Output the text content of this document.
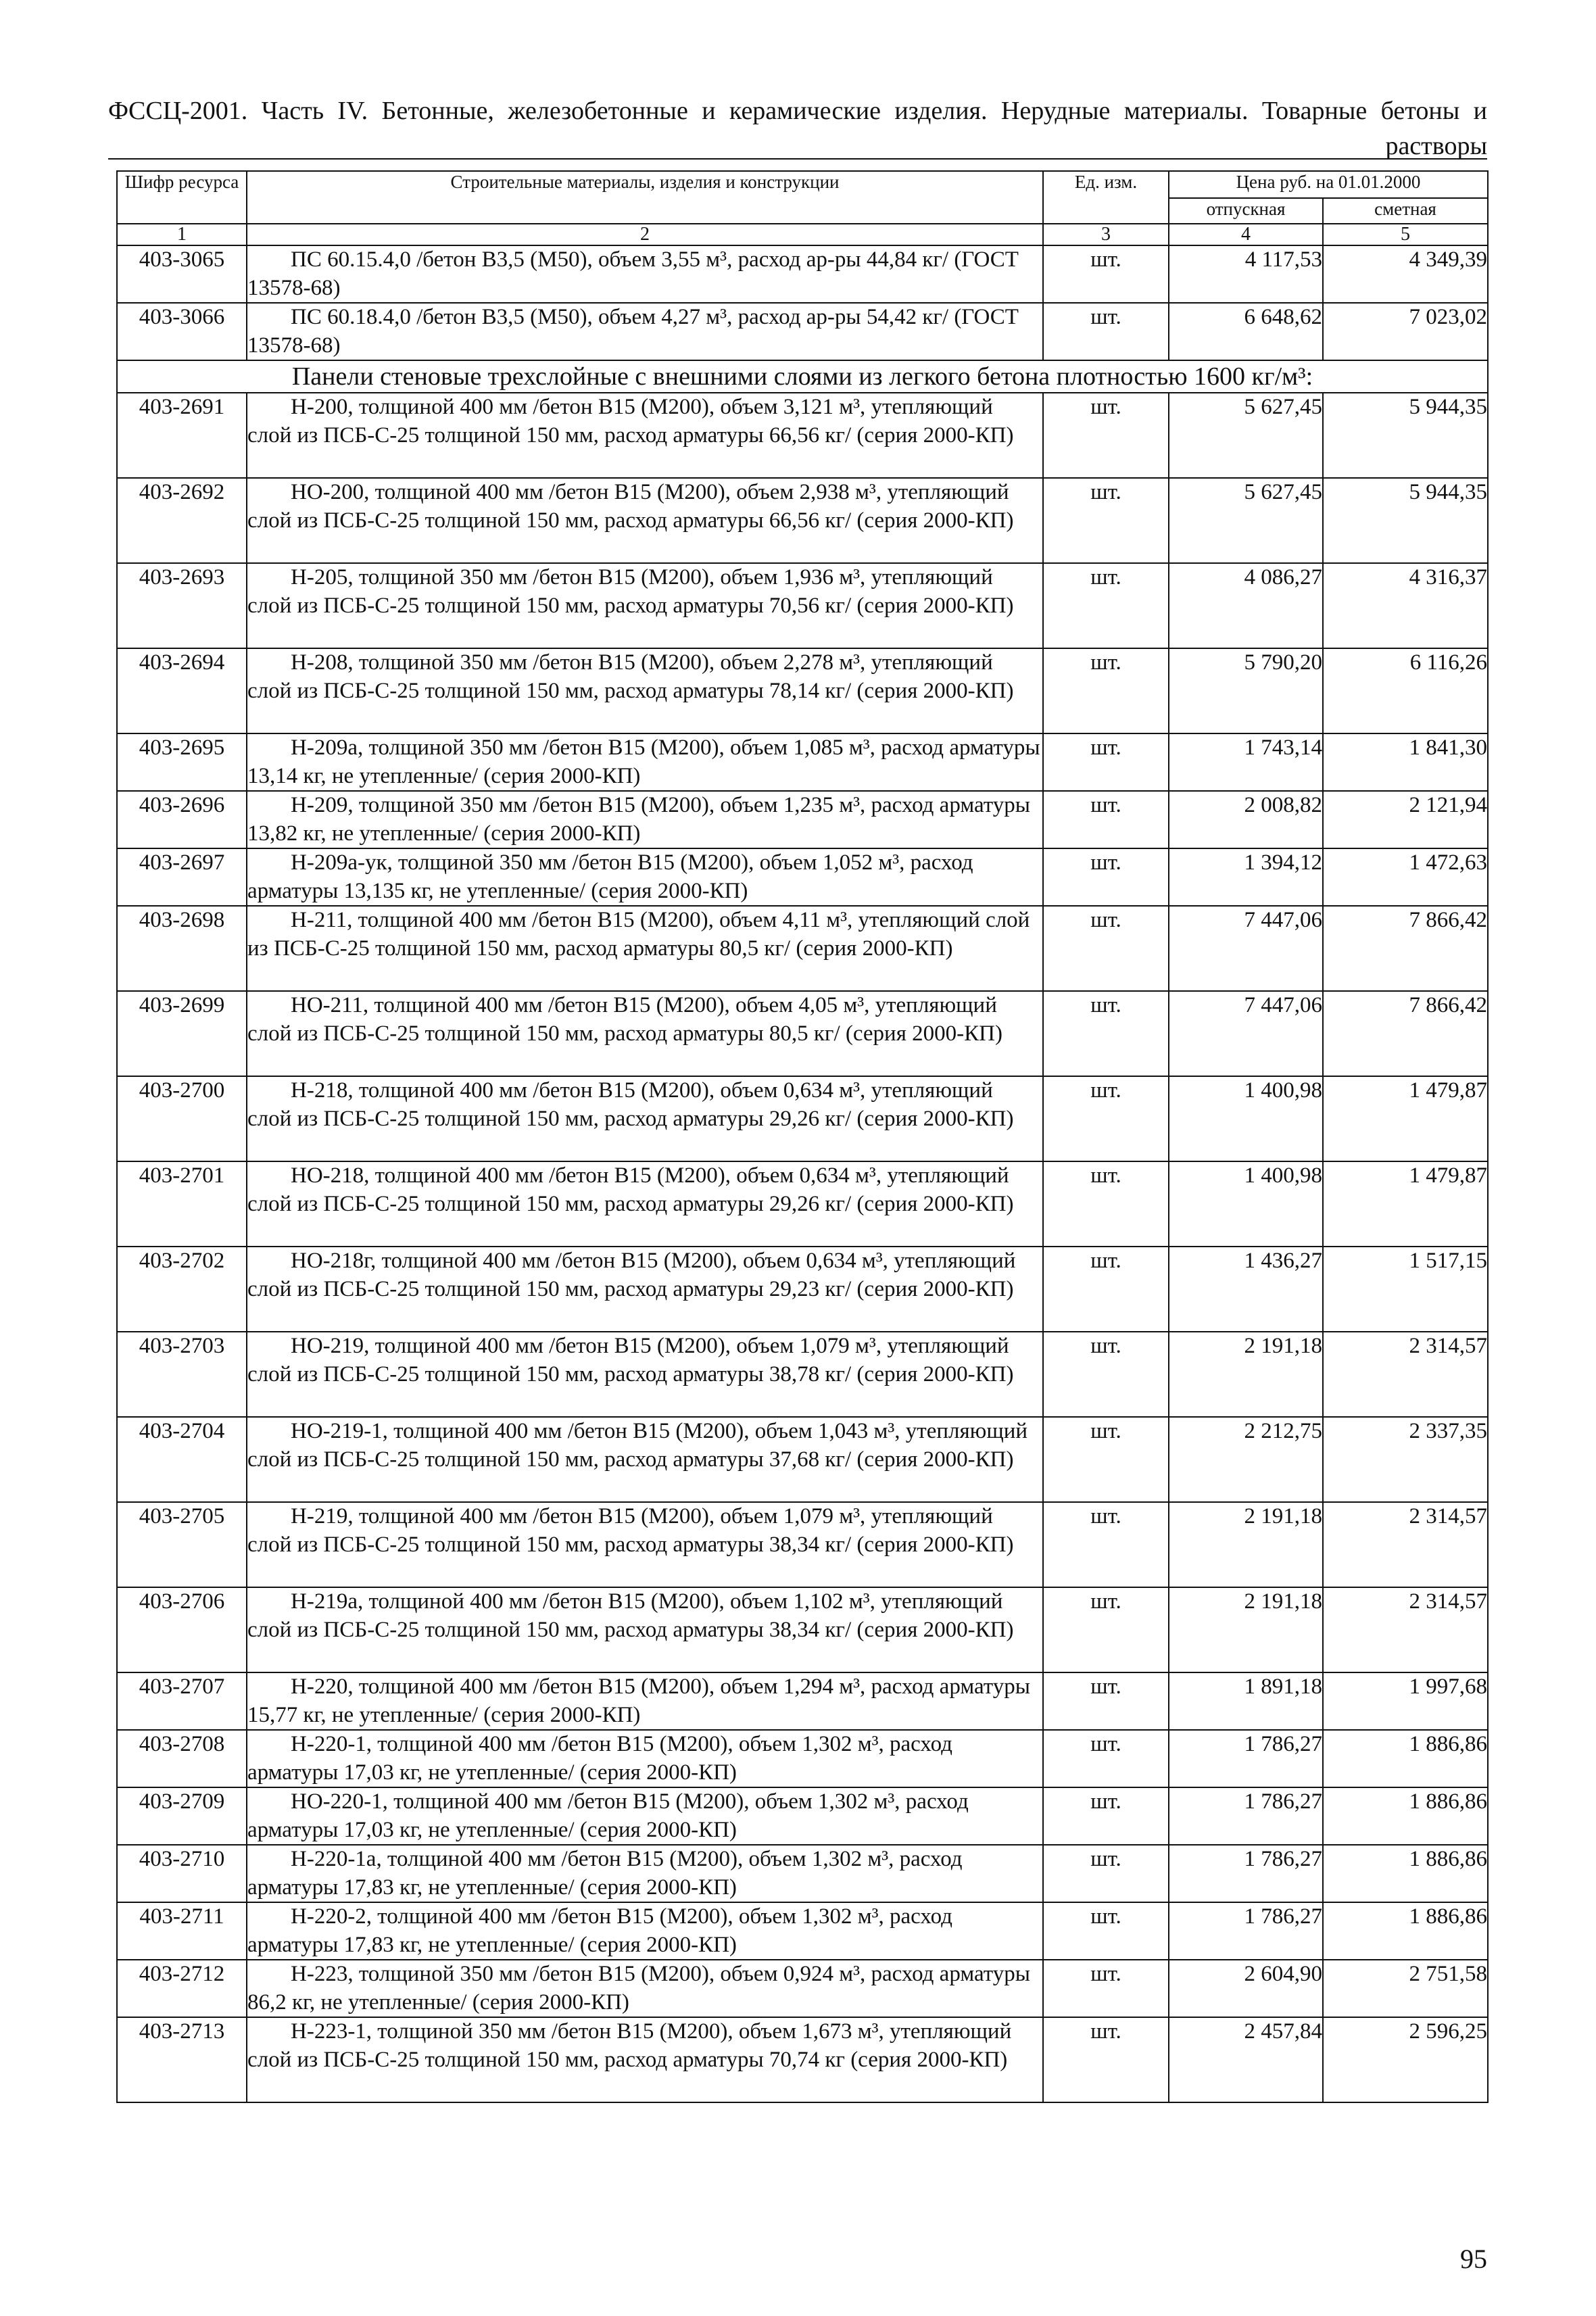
ФССЦ-2001. Часть IV. Бетонные, железобетонные и керамические изделия. Нерудные материалы. Товарные бетоны и растворы
Шифр ресурса	Строительные материалы, изделия и конструкции	Ед. изм.	Цена руб. на 01.01.2000	
			отпускная	сметная
1	2	3	4	5
403-3065	ПС 60.15.4,0 /бетон В3,5 (М50), объем 3,55 м³, расход ар-ры 44,84 кг/ (ГОСТ 13578-68)	шт.	4 117,53	4 349,39
403-3066	ПС 60.18.4,0 /бетон В3,5 (М50), объем 4,27 м³, расход ар-ры 54,42 кг/ (ГОСТ 13578-68)	шт.	6 648,62	7 023,02
Панели стеновые трехслойные с внешними слоями из легкого бетона плотностью 1600 кг/м³:				
403-2691	Н-200, толщиной 400 мм /бетон В15 (М200), объем 3,121 м³, утепляющий слой из ПСБ-С-25 толщиной 150 мм, расход арматуры 66,56 кг/ (серия 2000-КП)	шт.	5 627,45	5 944,35
403-2692	НО-200, толщиной 400 мм /бетон В15 (М200), объем 2,938 м³, утепляющий слой из ПСБ-С-25 толщиной 150 мм, расход арматуры 66,56 кг/ (серия 2000-КП)	шт.	5 627,45	5 944,35
403-2693	Н-205, толщиной 350 мм /бетон В15 (М200), объем 1,936 м³, утепляющий слой из ПСБ-С-25 толщиной 150 мм, расход арматуры 70,56 кг/ (серия 2000-КП)	шт.	4 086,27	4 316,37
403-2694	Н-208, толщиной 350 мм /бетон В15 (М200), объем 2,278 м³, утепляющий слой из ПСБ-С-25 толщиной 150 мм, расход арматуры 78,14 кг/ (серия 2000-КП)	шт.	5 790,20	6 116,26
403-2695	Н-209а, толщиной 350 мм /бетон В15 (М200), объем 1,085 м³, расход арматуры 13,14 кг, не утепленные/ (серия 2000-КП)	шт.	1 743,14	1 841,30
403-2696	Н-209, толщиной 350 мм /бетон В15 (М200), объем 1,235 м³, расход арматуры 13,82 кг, не утепленные/ (серия 2000-КП)	шт.	2 008,82	2 121,94
403-2697	Н-209а-ук, толщиной 350 мм /бетон В15 (М200), объем 1,052 м³, расход арматуры 13,135 кг, не утепленные/ (серия 2000-КП)	шт.	1 394,12	1 472,63
403-2698	Н-211, толщиной 400 мм /бетон В15 (М200), объем 4,11 м³, утепляющий слой из ПСБ-С-25 толщиной 150 мм, расход арматуры 80,5 кг/ (серия 2000-КП)	шт.	7 447,06	7 866,42
403-2699	НО-211, толщиной 400 мм /бетон В15 (М200), объем 4,05 м³, утепляющий слой из ПСБ-С-25 толщиной 150 мм, расход арматуры 80,5 кг/ (серия 2000-КП)	шт.	7 447,06	7 866,42
403-2700	Н-218, толщиной 400 мм /бетон В15 (М200), объем 0,634 м³, утепляющий слой из ПСБ-С-25 толщиной 150 мм, расход арматуры 29,26 кг/ (серия 2000-КП)	шт.	1 400,98	1 479,87
403-2701	НО-218, толщиной 400 мм /бетон В15 (М200), объем 0,634 м³, утепляющий слой из ПСБ-С-25 толщиной 150 мм, расход арматуры 29,26 кг/ (серия 2000-КП)	шт.	1 400,98	1 479,87
403-2702	НО-218г, толщиной 400 мм /бетон В15 (М200), объем 0,634 м³, утепляющий слой из ПСБ-С-25 толщиной 150 мм, расход арматуры 29,23 кг/ (серия 2000-КП)	шт.	1 436,27	1 517,15
403-2703	НО-219, толщиной 400 мм /бетон В15 (М200), объем 1,079 м³, утепляющий слой из ПСБ-С-25 толщиной 150 мм, расход арматуры 38,78 кг/ (серия 2000-КП)	шт.	2 191,18	2 314,57
403-2704	НО-219-1, толщиной 400 мм /бетон В15 (М200), объем 1,043 м³, утепляющий слой из ПСБ-С-25 толщиной 150 мм, расход арматуры 37,68 кг/ (серия 2000-КП)	шт.	2 212,75	2 337,35
403-2705	Н-219, толщиной 400 мм /бетон В15 (М200), объем 1,079 м³, утепляющий слой из ПСБ-С-25 толщиной 150 мм, расход арматуры 38,34 кг/ (серия 2000-КП)	шт.	2 191,18	2 314,57
403-2706	Н-219а, толщиной 400 мм /бетон В15 (М200), объем 1,102 м³, утепляющий слой из ПСБ-С-25 толщиной 150 мм, расход арматуры 38,34 кг/ (серия 2000-КП)	шт.	2 191,18	2 314,57
403-2707	Н-220, толщиной 400 мм /бетон В15 (М200), объем 1,294 м³, расход арматуры 15,77 кг, не утепленные/ (серия 2000-КП)	шт.	1 891,18	1 997,68
403-2708	Н-220-1, толщиной 400 мм /бетон В15 (М200), объем 1,302 м³, расход арматуры 17,03 кг, не утепленные/ (серия 2000-КП)	шт.	1 786,27	1 886,86
403-2709	НО-220-1, толщиной 400 мм /бетон В15 (М200), объем 1,302 м³, расход арматуры 17,03 кг, не утепленные/ (серия 2000-КП)	шт.	1 786,27	1 886,86
403-2710	Н-220-1а, толщиной 400 мм /бетон В15 (М200), объем 1,302 м³, расход арматуры 17,83 кг, не утепленные/ (серия 2000-КП)	шт.	1 786,27	1 886,86
403-2711	Н-220-2, толщиной 400 мм /бетон В15 (М200), объем 1,302 м³, расход арматуры 17,83 кг, не утепленные/ (серия 2000-КП)	шт.	1 786,27	1 886,86
403-2712	Н-223, толщиной 350 мм /бетон В15 (М200), объем 0,924 м³, расход арматуры 86,2 кг, не утепленные/ (серия 2000-КП)	шт.	2 604,90	2 751,58
403-2713	Н-223-1, толщиной 350 мм /бетон В15 (М200), объем 1,673 м³, утепляющий слой из ПСБ-С-25 толщиной 150 мм, расход арматуры 70,74 кг (серия 2000-КП)	шт.	2 457,84	2 596,25
95
